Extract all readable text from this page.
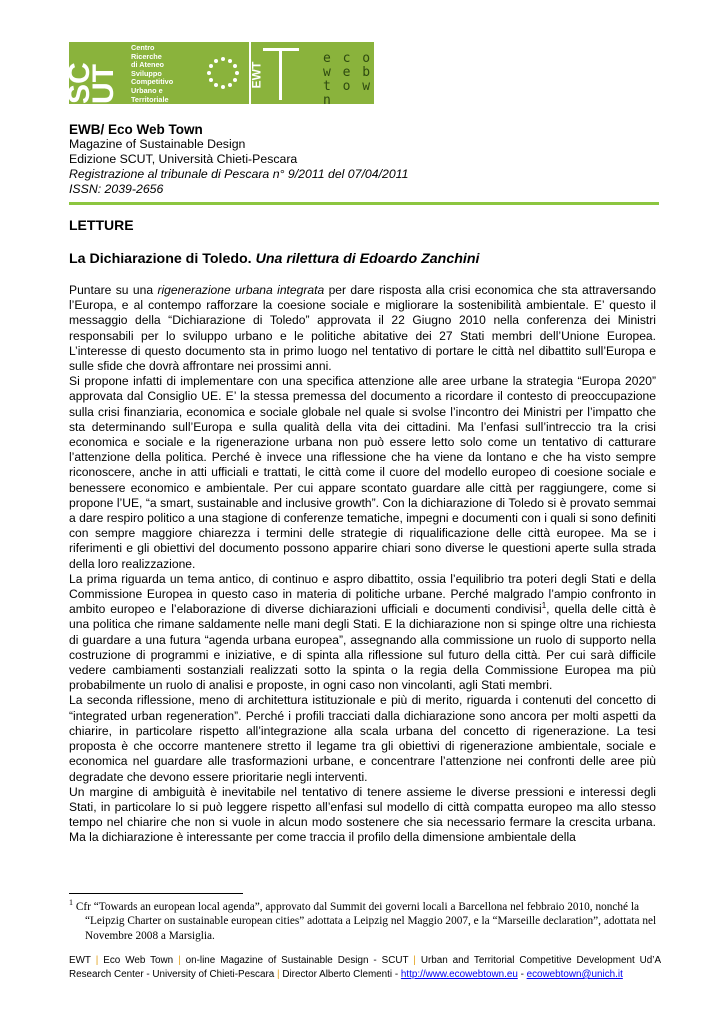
SC
UT
Centro
Ricerche
di Ateneo
Sviluppo
Competitivo
Urbano e
Territoriale
EWT
e c o
w e b
t o w n
EWB/ Eco Web Town
Magazine of Sustainable Design
Edizione SCUT, Università Chieti-Pescara
Registrazione al tribunale di Pescara n° 9/2011 del 07/04/2011
ISSN: 2039-2656
LETTURE
La Dichiarazione di Toledo. Una rilettura di Edoardo Zanchini

Puntare su una rigenerazione urbana integrata per dare risposta alla crisi economica che sta attraversando l’Europa, e al contempo rafforzare la coesione sociale e migliorare la sostenibilità ambientale. E’ questo il messaggio della “Dichiarazione di Toledo” approvata il 22 Giugno 2010 nella conferenza dei Ministri responsabili per lo sviluppo urbano e le politiche abitative dei 27 Stati membri dell’Unione Europea. L’interesse di questo documento sta in primo luogo nel tentativo di portare le città nel dibattito sull’Europa e sulle sfide che dovrà affrontare nei prossimi anni.

Si propone infatti di implementare con una specifica attenzione alle aree urbane la strategia “Europa 2020” approvata dal Consiglio UE. E’ la stessa premessa del documento a ricordare il contesto di preoccupazione sulla crisi finanziaria, economica e sociale globale nel quale si svolse l’incontro dei Ministri per l’impatto che sta determinando sull’Europa e sulla qualità della vita dei cittadini. Ma l’enfasi sull’intreccio tra la crisi economica e sociale e la rigenerazione urbana non può essere letto solo come un tentativo di catturare l’attenzione della politica. Perché è invece una riflessione che ha viene da lontano e che ha visto sempre riconoscere, anche in atti ufficiali e trattati, le città come il cuore del modello europeo di coesione sociale e benessere economico e ambientale. Per cui appare scontato guardare alle città per raggiungere, come si propone l’UE, “a smart, sustainable and inclusive growth”. Con la dichiarazione di Toledo si è provato semmai a dare respiro politico a una stagione di conferenze tematiche, impegni e documenti con i quali si sono definiti con sempre maggiore chiarezza i termini delle strategie di riqualificazione delle città europee. Ma se i riferimenti e gli obiettivi del documento possono apparire chiari sono diverse le questioni aperte sulla strada della loro realizzazione.

La prima riguarda un tema antico, di continuo e aspro dibattito, ossia l’equilibrio tra poteri degli Stati e della Commissione Europea in questo caso in materia di politiche urbane. Perché malgrado l’ampio confronto in ambito europeo e l’elaborazione di diverse dichiarazioni ufficiali e documenti condivisi$^1$, quella delle città è una politica che rimane saldamente nelle mani degli Stati. E la dichiarazione non si spinge oltre una richiesta di guardare a una futura “agenda urbana europea”, assegnando alla commissione un ruolo di supporto nella costruzione di programmi e iniziative, e di spinta alla riflessione sul futuro della città. Per cui sarà difficile vedere cambiamenti sostanziali realizzati sotto la spinta o la regia della Commissione Europea ma più probabilmente un ruolo di analisi e proposte, in ogni caso non vincolanti, agli Stati membri.

La seconda riflessione, meno di architettura istituzionale e più di merito, riguarda i contenuti del concetto di “integrated urban regeneration”. Perché i profili tracciati dalla dichiarazione sono ancora per molti aspetti da chiarire, in particolare rispetto all’integrazione alla scala urbana del concetto di rigenerazione. La tesi proposta è che occorre mantenere stretto il legame tra gli obiettivi di rigenerazione ambientale, sociale e economica nel guardare alle trasformazioni urbane, e concentrare l’attenzione nei confronti delle aree più degradate che devono essere prioritarie negli interventi.

Un margine di ambiguità è inevitabile nel tentativo di tenere assieme le diverse pressioni e interessi degli Stati, in particolare lo si può leggere rispetto all’enfasi sul modello di città compatta europeo ma allo stesso tempo nel chiarire che non si vuole in alcun modo sostenere che sia necessario fermare la crescita urbana. Ma la dichiarazione è interessante per come traccia il profilo della dimensione ambientale della

$^1$ Cfr “Towards an european local agenda”, approvato dal Summit dei governi locali a Barcellona nel febbraio 2010, nonché la “Leipzig Charter on sustainable european cities” adottata a Leipzig nel Maggio 2007, e la “Marseille declaration”, adottata nel Novembre 2008 a Marsiglia.
EWT | Eco Web Town | on-line Magazine of Sustainable Design - SCUT | Urban and Territorial Competitive Development Ud’A Research Center - University of Chieti-Pescara | Director Alberto Clementi - http://www.ecowebtown.eu - ecowebtown@unich.it
